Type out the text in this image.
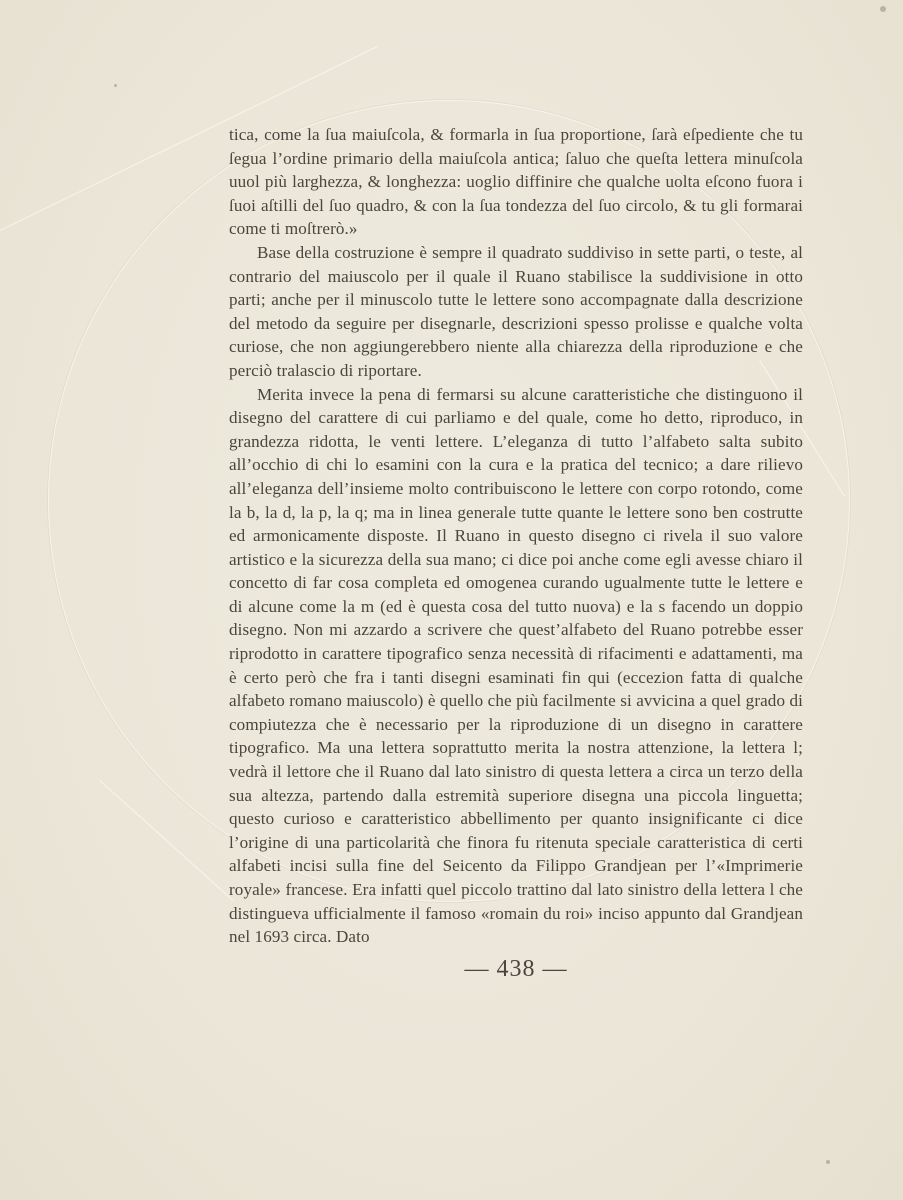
tica, come la ſua maiuſcola, & formarla in ſua proportione, ſarà eſpediente che tu ſegua l’ordine primario della maiuſcola antica; ſaluo che queſta lettera minuſcola uuol più larghezza, & longhezza: uoglio diffinire che qualche uolta eſcono fuora i ſuoi aſtilli del ſuo quadro, & con la ſua tondezza del ſuo circolo, & tu gli formarai come ti moſtrerò.»

Base della costruzione è sempre il quadrato suddiviso in sette parti, o teste, al contrario del maiuscolo per il quale il Ruano stabilisce la suddivisione in otto parti; anche per il minuscolo tutte le lettere sono accompagnate dalla descrizione del metodo da seguire per disegnarle, descrizioni spesso prolisse e qualche volta curiose, che non aggiungerebbero niente alla chiarezza della riproduzione e che perciò tralascio di riportare.

Merita invece la pena di fermarsi su alcune caratteristiche che distinguono il disegno del carattere di cui parliamo e del quale, come ho detto, riproduco, in grandezza ridotta, le venti lettere. L’eleganza di tutto l’alfabeto salta subito all’occhio di chi lo esamini con la cura e la pratica del tecnico; a dare rilievo all’eleganza dell’insieme molto contribuiscono le lettere con corpo rotondo, come la b, la d, la p, la q; ma in linea generale tutte quante le lettere sono ben costrutte ed armonicamente disposte. Il Ruano in questo disegno ci rivela il suo valore artistico e la sicurezza della sua mano; ci dice poi anche come egli avesse chiaro il concetto di far cosa completa ed omogenea curando ugualmente tutte le lettere e di alcune come la m (ed è questa cosa del tutto nuova) e la s facendo un doppio disegno. Non mi azzardo a scrivere che quest’alfabeto del Ruano potrebbe esser riprodotto in carattere tipografico senza necessità di rifacimenti e adattamenti, ma è certo però che fra i tanti disegni esaminati fin qui (eccezion fatta di qualche alfabeto romano maiuscolo) è quello che più facilmente si avvicina a quel grado di compiutezza che è necessario per la riproduzione di un disegno in carattere tipografico. Ma una lettera soprattutto merita la nostra attenzione, la lettera l; vedrà il lettore che il Ruano dal lato sinistro di questa lettera a circa un terzo della sua altezza, partendo dalla estremità superiore disegna una piccola linguetta; questo curioso e caratteristico abbellimento per quanto insignificante ci dice l’origine di una particolarità che finora fu ritenuta speciale caratteristica di certi alfabeti incisi sulla fine del Seicento da Filippo Grandjean per l’«Imprimerie royale» francese. Era infatti quel piccolo trattino dal lato sinistro della lettera l che distingueva ufficialmente il famoso «romain du roi» inciso appunto dal Grandjean nel 1693 circa. Dato

— 438 —
